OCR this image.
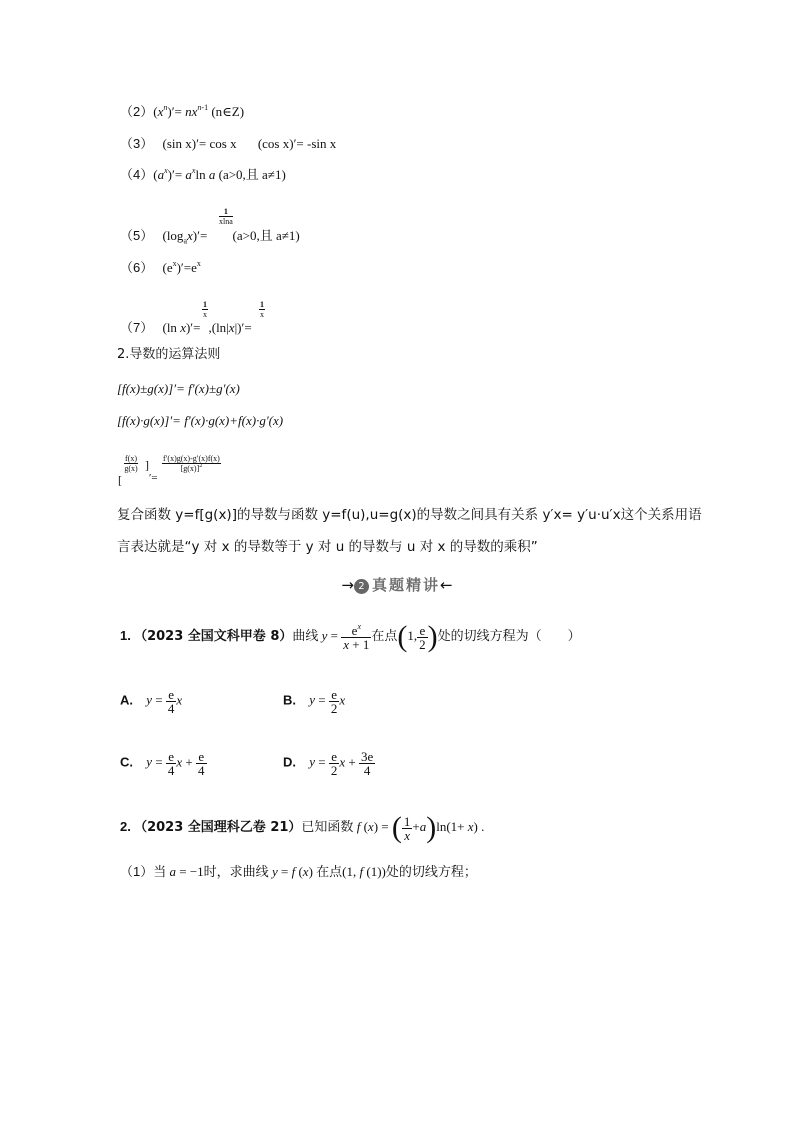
$(2)(x^n)'= nx^{n-1}$ (n∈Z)
（3） (sin x)′= cos x (cos x)′= -sin x
$(4)(a^x)'= a^x\ln$ a (a>0,且 a≠1)
$\frac{1}{xlna}$
（5） $(\log_ax)'= (a>0$,且 a≠1)
（6） $(e^x)'=e^x$
$\frac{1}{x}$	$\frac{1}{x}$
（7） (ln x)′= ,(ln|x|)′=
2.导数的运算法则
[f(x)±g(x)]′= f′(x)±g′(x)
[f(x)·g(x)]′= f′(x)·g(x)+f(x)·g′(x)
$\frac{f(x)}{g(x)}$
[
]
′=
$\frac{f'(x)g(x)-g'(x)f(x)}{[g(x)]^2}$
复合函数 y=f[g(x)]的导数与函数 y=f(u),u=g(x)的导数之间具有关系 y′x= y′u·u′x这个关系用语
言表达就是“y 对 x 的导数等于 y 对 u 的导数与 u 对 x 的导数的乘积”
→ 2 真题精讲←
1. （2023 全国文科甲卷 8）曲线 $y = \frac{e^x}{x + 1}$ 在点(1, $\frac{e}{2}$ )处的切线方程为（　　）
A. $y = \frac{e}{4}$ x	B. $y = \frac{e}{2}$ x
C. $y = \frac{e}{4}$ $x + \frac{e}{4}$	D. $y = \frac{e}{2}$ $x + \frac{3e}{4}$
2. （2023 全国理科乙卷 21）已知函数 f (x) = ( $\frac{1}{x} +a)\ln(1+ x)$ .
（1）当 a = −1时，求曲线 y = f (x) 在点(1, f (1))处的切线方程；
